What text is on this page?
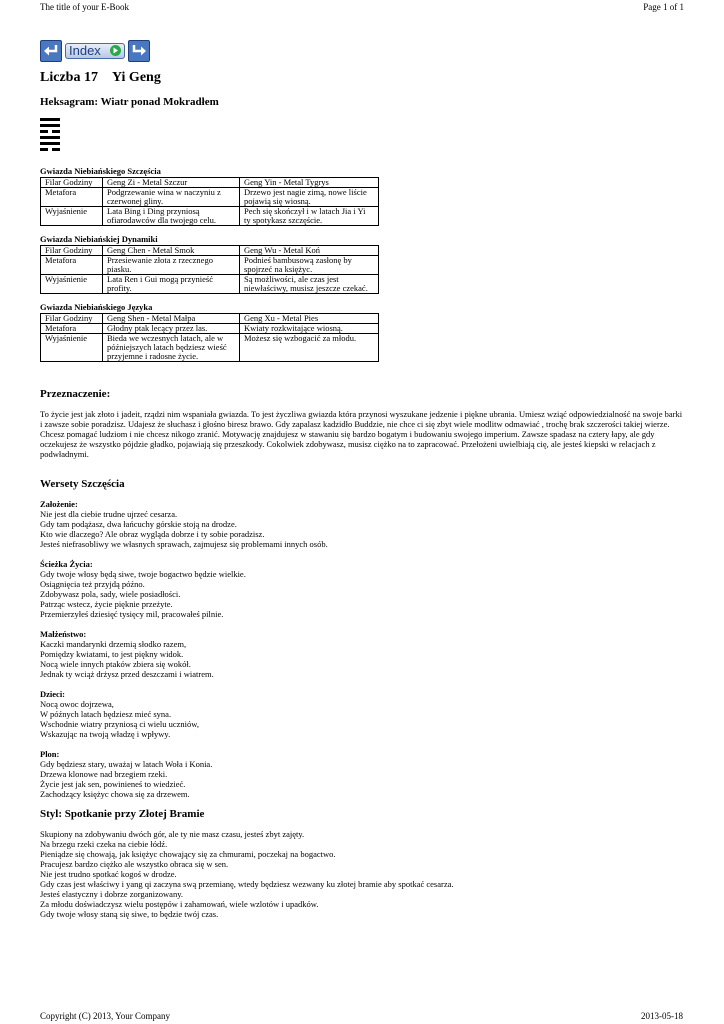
The title of your E-Book	Page 1 of 1
Index
Liczba 17 Yi Geng
Heksagram: Wiatr ponad Mokradłem
Gwiazda Niebiańskiego Szczęścia
Filar Godziny	Geng Zi - Metal Szczur	Geng Yin - Metal Tygrys
Metafora	Podgrzewanie wina w naczyniu z czerwonej gliny.	Drzewo jest nagie zimą, nowe liście pojawią się wiosną.
Wyjaśnienie	Lata Bing i Ding przyniosą ofiarodawców dla twojego celu.	Pech się skończył i w latach Jia i Yi ty spotykasz szczęście.
Gwiazda Niebiańskiej Dynamiki
Filar Godziny	Geng Chen - Metal Smok	Geng Wu - Metal Koń
Metafora	Przesiewanie złota z rzecznego piasku.	Podnieś bambusową zasłonę by spojrzeć na księżyc.
Wyjaśnienie	Lata Ren i Gui mogą przynieść profity.	Są możliwości, ale czas jest niewłaściwy, musisz jeszcze czekać.
Gwiazda Niebiańskiego Języka
Filar Godziny	Geng Shen - Metal Małpa	Geng Xu - Metal Pies
Metafora	Głodny ptak lecący przez las.	Kwiaty rozkwitające wiosną.
Wyjaśnienie	Bieda we wczesnych latach, ale w późniejszych latach będziesz wieść przyjemne i radosne życie.	Możesz się wzbogacić za młodu.
Przeznaczenie:

To życie jest jak złoto i jadeit, rządzi nim wspaniała gwiazda. To jest życzliwa gwiazda która przynosi wyszukane jedzenie i piękne ubrania. Umiesz wziąć odpowiedzialność na swoje barki i zawsze sobie poradzisz. Udajesz że słuchasz i głośno biresz brawo. Gdy zapalasz kadzidło Buddzie, nie chce ci się zbyt wiele modlitw odmawiać , trochę brak szczerości takiej wierze. Chcesz pomagać ludziom i nie chcesz nikogo zranić. Motywację znajdujesz w stawaniu się bardzo bogatym i budowaniu swojego imperium. Zawsze spadasz na cztery łapy, ale gdy oczekujesz że wszystko pójdzie gładko, pojawiają się przeszkody. Cokolwiek zdobywasz, musisz ciężko na to zapracować. Przełożeni uwielbiają cię, ale jesteś kiepski w relacjach z podwładnymi.

Wersety Szczęścia
Założenie:
Nie jest dla ciebie trudne ujrzeć cesarza.
Gdy tam podążasz, dwa łańcuchy górskie stoją na drodze.
Kto wie dlaczego? Ale obraz wygląda dobrze i ty sobie poradzisz.
Jesteś niefrasobliwy we własnych sprawach, zajmujesz się problemami innych osób.
Ścieżka Życia:
Gdy twoje włosy będą siwe, twoje bogactwo będzie wielkie.
Osiągnięcia też przyjdą późno.
Zdobywasz pola, sady, wiele posiadłości.
Patrząc wstecz, życie pięknie przeżyte.
Przemierzyłeś dziesięć tysięcy mil, pracowałeś pilnie.
Małżeństwo:
Kaczki mandarynki drzemią słodko razem,
Pomiędzy kwiatami, to jest piękny widok.
Nocą wiele innych ptaków zbiera się wokół.
Jednak ty wciąż drżysz przed deszczami i wiatrem.
Dzieci:
Nocą owoc dojrzewa,
W późnych latach będziesz mieć syna.
Wschodnie wiatry przyniosą ci wielu uczniów,
Wskazując na twoją władzę i wpływy.
Plon:
Gdy będziesz stary, uważaj w latach Woła i Konia.
Drzewa klonowe nad brzegiem rzeki.
Życie jest jak sen, powinieneś to wiedzieć.
Zachodzący księżyc chowa się za drzewem.
Styl: Spotkanie przy Złotej Bramie
Skupiony na zdobywaniu dwóch gór, ale ty nie masz czasu, jesteś zbyt zajęty.
Na brzegu rzeki czeka na ciebie łódź.
Pieniądze się chowają, jak księżyc chowający się za chmurami, poczekaj na bogactwo.
Pracujesz bardzo ciężko ale wszystko obraca się w sen.
Nie jest trudno spotkać kogoś w drodze.
Gdy czas jest właściwy i yang qi zaczyna swą przemianę, wtedy będziesz wezwany ku złotej bramie aby spotkać cesarza.
Jesteś elastyczny i dobrze zorganizowany.
Za młodu doświadczysz wielu postępów i zahamowań, wiele wzlotów i upadków.
Gdy twoje włosy staną się siwe, to będzie twój czas.
Copyright (C) 2013, Your Company	2013-05-18
